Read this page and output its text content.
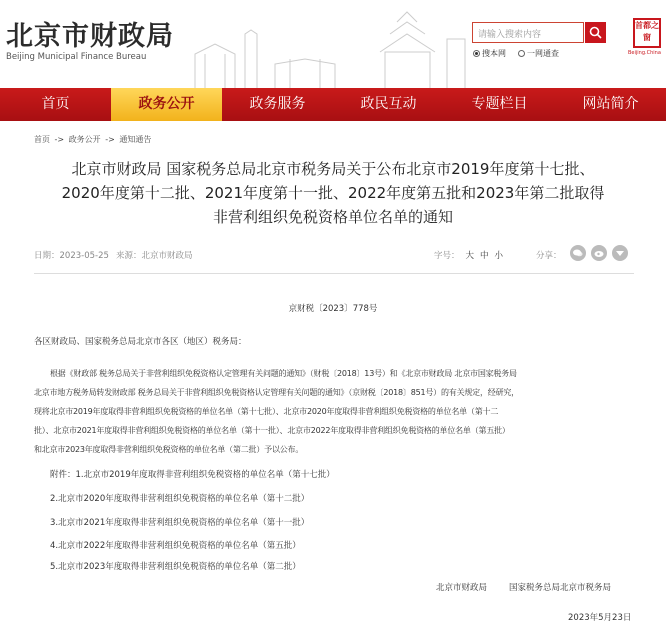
北京市财政局
Beijing Municipal Finance Bureau
请输入搜索内容
搜本网	一网通查
首都之窗
Beijing.China
首页	政务公开	政务服务	政民互动	专题栏目	网站简介
首页 -> 政务公开 -> 通知通告
北京市财政局 国家税务总局北京市税务局关于公布北京市2019年度第十七批、
2020年度第十二批、2021年度第十一批、2022年度第五批和2023年第二批取得
非营利组织免税资格单位名单的通知
日期：2023-05-25 来源：北京市财政局	字号： 大 中 小	分享：
京财税〔2023〕778号
各区财政局、国家税务总局北京市各区（地区）税务局：
根据《财政部 税务总局关于非营利组织免税资格认定管理有关问题的通知》（财税〔2018〕13号）和《北京市财政局 北京市国家税务局
北京市地方税务局转发财政部 税务总局关于非营利组织免税资格认定管理有关问题的通知》（京财税〔2018〕851号）的有关规定，经研究，
现将北京市2019年度取得非营利组织免税资格的单位名单（第十七批）、北京市2020年度取得非营利组织免税资格的单位名单（第十二
批）、北京市2021年度取得非营利组织免税资格的单位名单（第十一批）、北京市2022年度取得非营利组织免税资格的单位名单（第五批）
和北京市2023年度取得非营利组织免税资格的单位名单（第二批）予以公布。
附件：1.北京市2019年度取得非营利组织免税资格的单位名单（第十七批）
2.北京市2020年度取得非营利组织免税资格的单位名单（第十二批）
3.北京市2021年度取得非营利组织免税资格的单位名单（第十一批）
4.北京市2022年度取得非营利组织免税资格的单位名单（第五批）
5.北京市2023年度取得非营利组织免税资格的单位名单（第二批）
北京市财政局	国家税务总局北京市税务局
2023年5月23日
